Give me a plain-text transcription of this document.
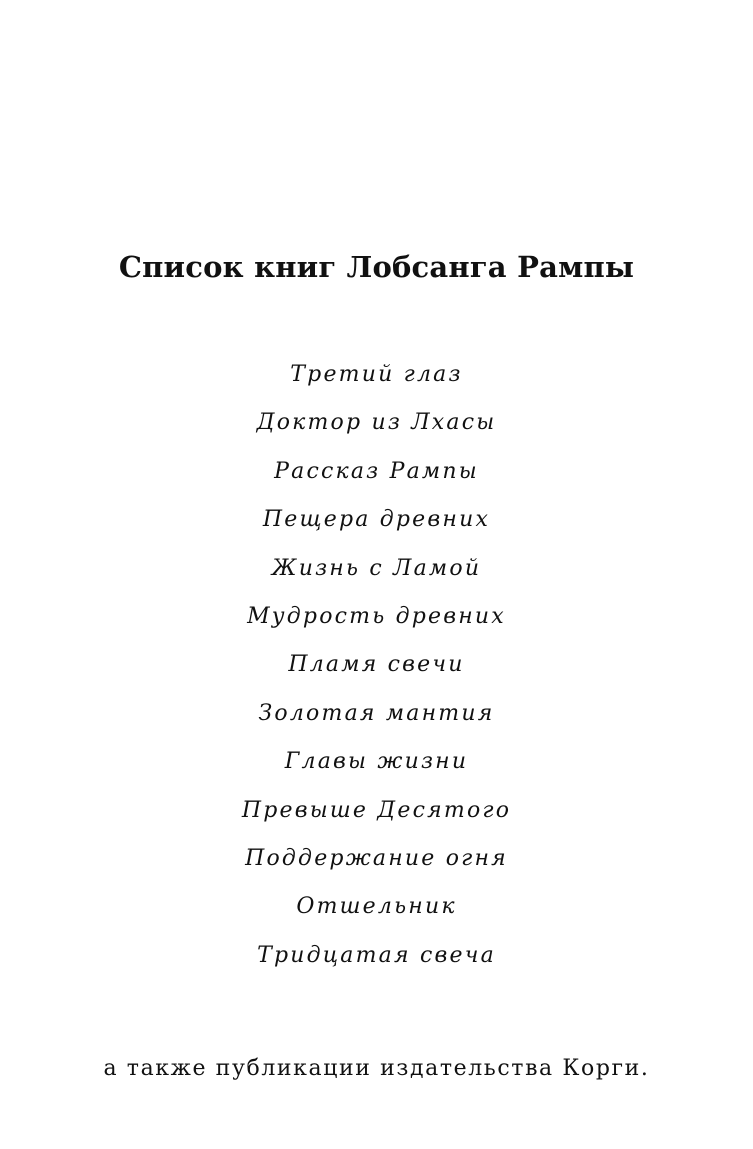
Список книг Лобсанга Рампы
Третий глаз
Доктор из Лхасы
Рассказ Рампы
Пещера древних
Жизнь с Ламой
Мудрость древних
Пламя свечи
Золотая мантия
Главы жизни
Превыше Десятого
Поддержание огня
Отшельник
Тридцатая свеча

а также публикации издательства Корги.
